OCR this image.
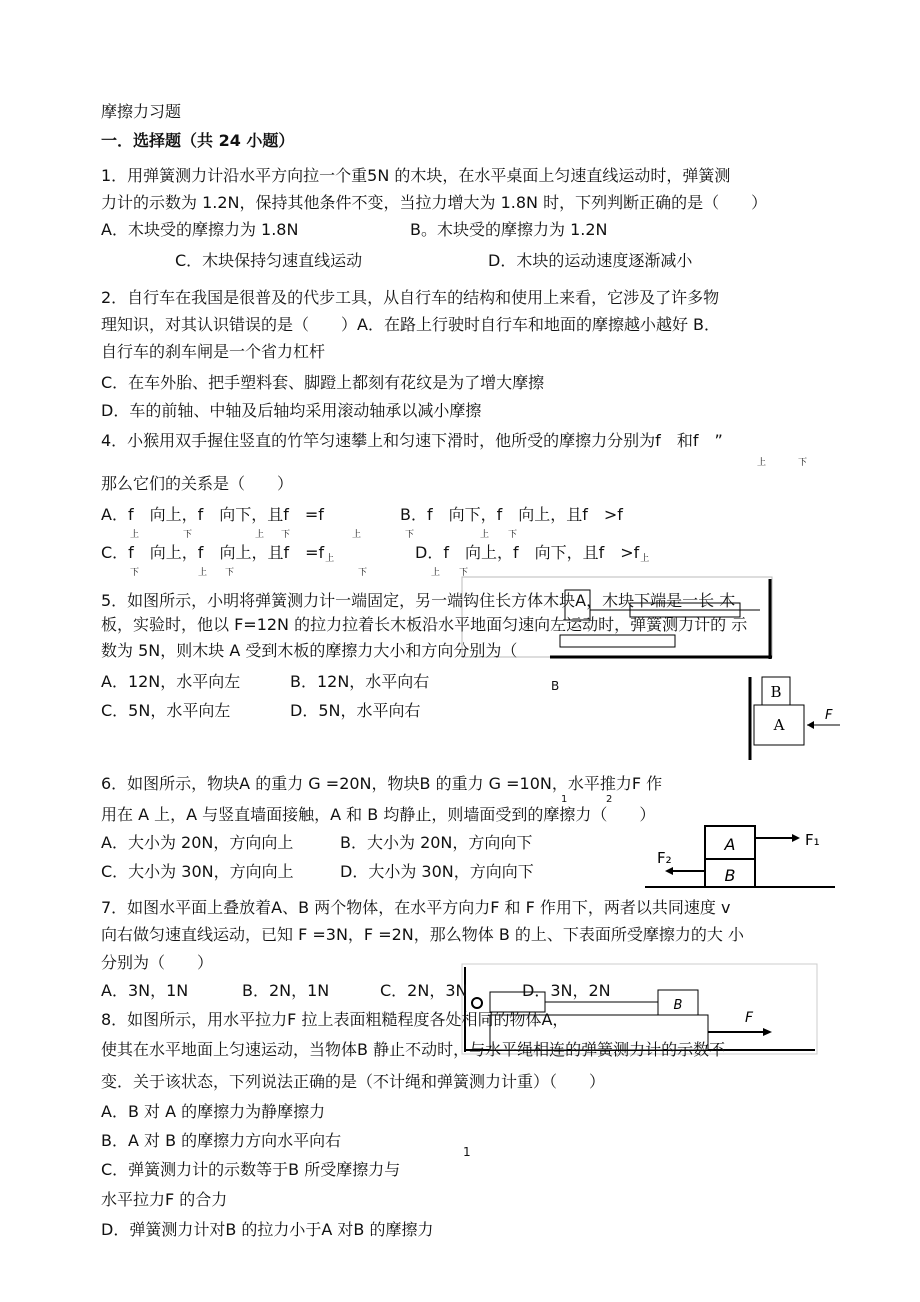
摩擦力习题
一．选择题（共 24 小题）
1．用弹簧测力计沿水平方向拉一个重5N 的木块，在水平桌面上匀速直线运动时，弹簧测
力计的示数为 1.2N，保持其他条件不变，当拉力增大为 1.8N 时，下列判断正确的是（　　）
A．木块受的摩擦力为 1.8N	B。木块受的摩擦力为 1.2N
C．木块保持匀速直线运动	D．木块的运动速度逐渐减小
2．自行车在我国是很普及的代步工具，从自行车的结构和使用上来看，它涉及了许多物
理知识，对其认识错误的是（　　）A．在路上行驶时自行车和地面的摩擦越小越好 B．
自行车的刹车闸是一个省力杠杆
C．在车外胎、把手塑料套、脚蹬上都刻有花纹是为了增大摩擦
D．车的前轴、中轴及后轴均采用滚动轴承以减小摩擦
4．小猴用双手握住竖直的竹竿匀速攀上和匀速下滑时，他所受的摩擦力分别为f　和f　”
上	下
那么它们的关系是（　　）
A．f　向上，f　向下，且f　=f	B．f　向下，f　向上，且f　>f
上	下	上 下	上	下	上 下
C．f　向上，f　向上，且f　=f上	D．f　向上，f　向下，且f　>f上
下	上 下	下	上 下
5．如图所示，小明将弹簧测力计一端固定，另一端钩住长方体木块A，木块下端是一长 木
板，实验时，他以 F=12N 的拉力拉着长木板沿水平地面匀速向左运动时，弹簧测力计的 示
数为 5N，则木块 A 受到木板的摩擦力大小和方向分别为（
A．12N，水平向左	B．12N，水平向右	B
C．5N，水平向左	D．5N，水平向右
B
A
F
6．如图所示，物块A 的重力 G =20N，物块B 的重力 G =10N，水平推力F 作
1	2
用在 A 上，A 与竖直墙面接触，A 和 B 均静止，则墙面受到的摩擦力（　　）
A．大小为 20N，方向向上	B．大小为 20N，方向向下
C．大小为 30N，方向向上	D．大小为 30N，方向向下
A
B
F₁
F₂
7．如图水平面上叠放着A、B 两个物体，在水平方向力F 和 F 作用下，两者以共同速度 v
向右做匀速直线运动，已知 F =3N，F =2N，那么物体 B 的上、下表面所受摩擦力的大 小
分别为（　　）
B
F
A．3N，1N	B．2N，1N	C．2N，3N	D．3N，2N
8．如图所示，用水平拉力F 拉上表面粗糙程度各处相同的物体A，
使其在水平地面上匀速运动，当物体B 静止不动时，与水平绳相连的弹簧测力计的示数不
变．关于该状态，下列说法正确的是（不计绳和弹簧测力计重）（　　）
A．B 对 A 的摩擦力为静摩擦力
B．A 对 B 的摩擦力方向水平向右
1
C．弹簧测力计的示数等于B 所受摩擦力与
水平拉力F 的合力
D．弹簧测力计对B 的拉力小于A 对B 的摩擦力
